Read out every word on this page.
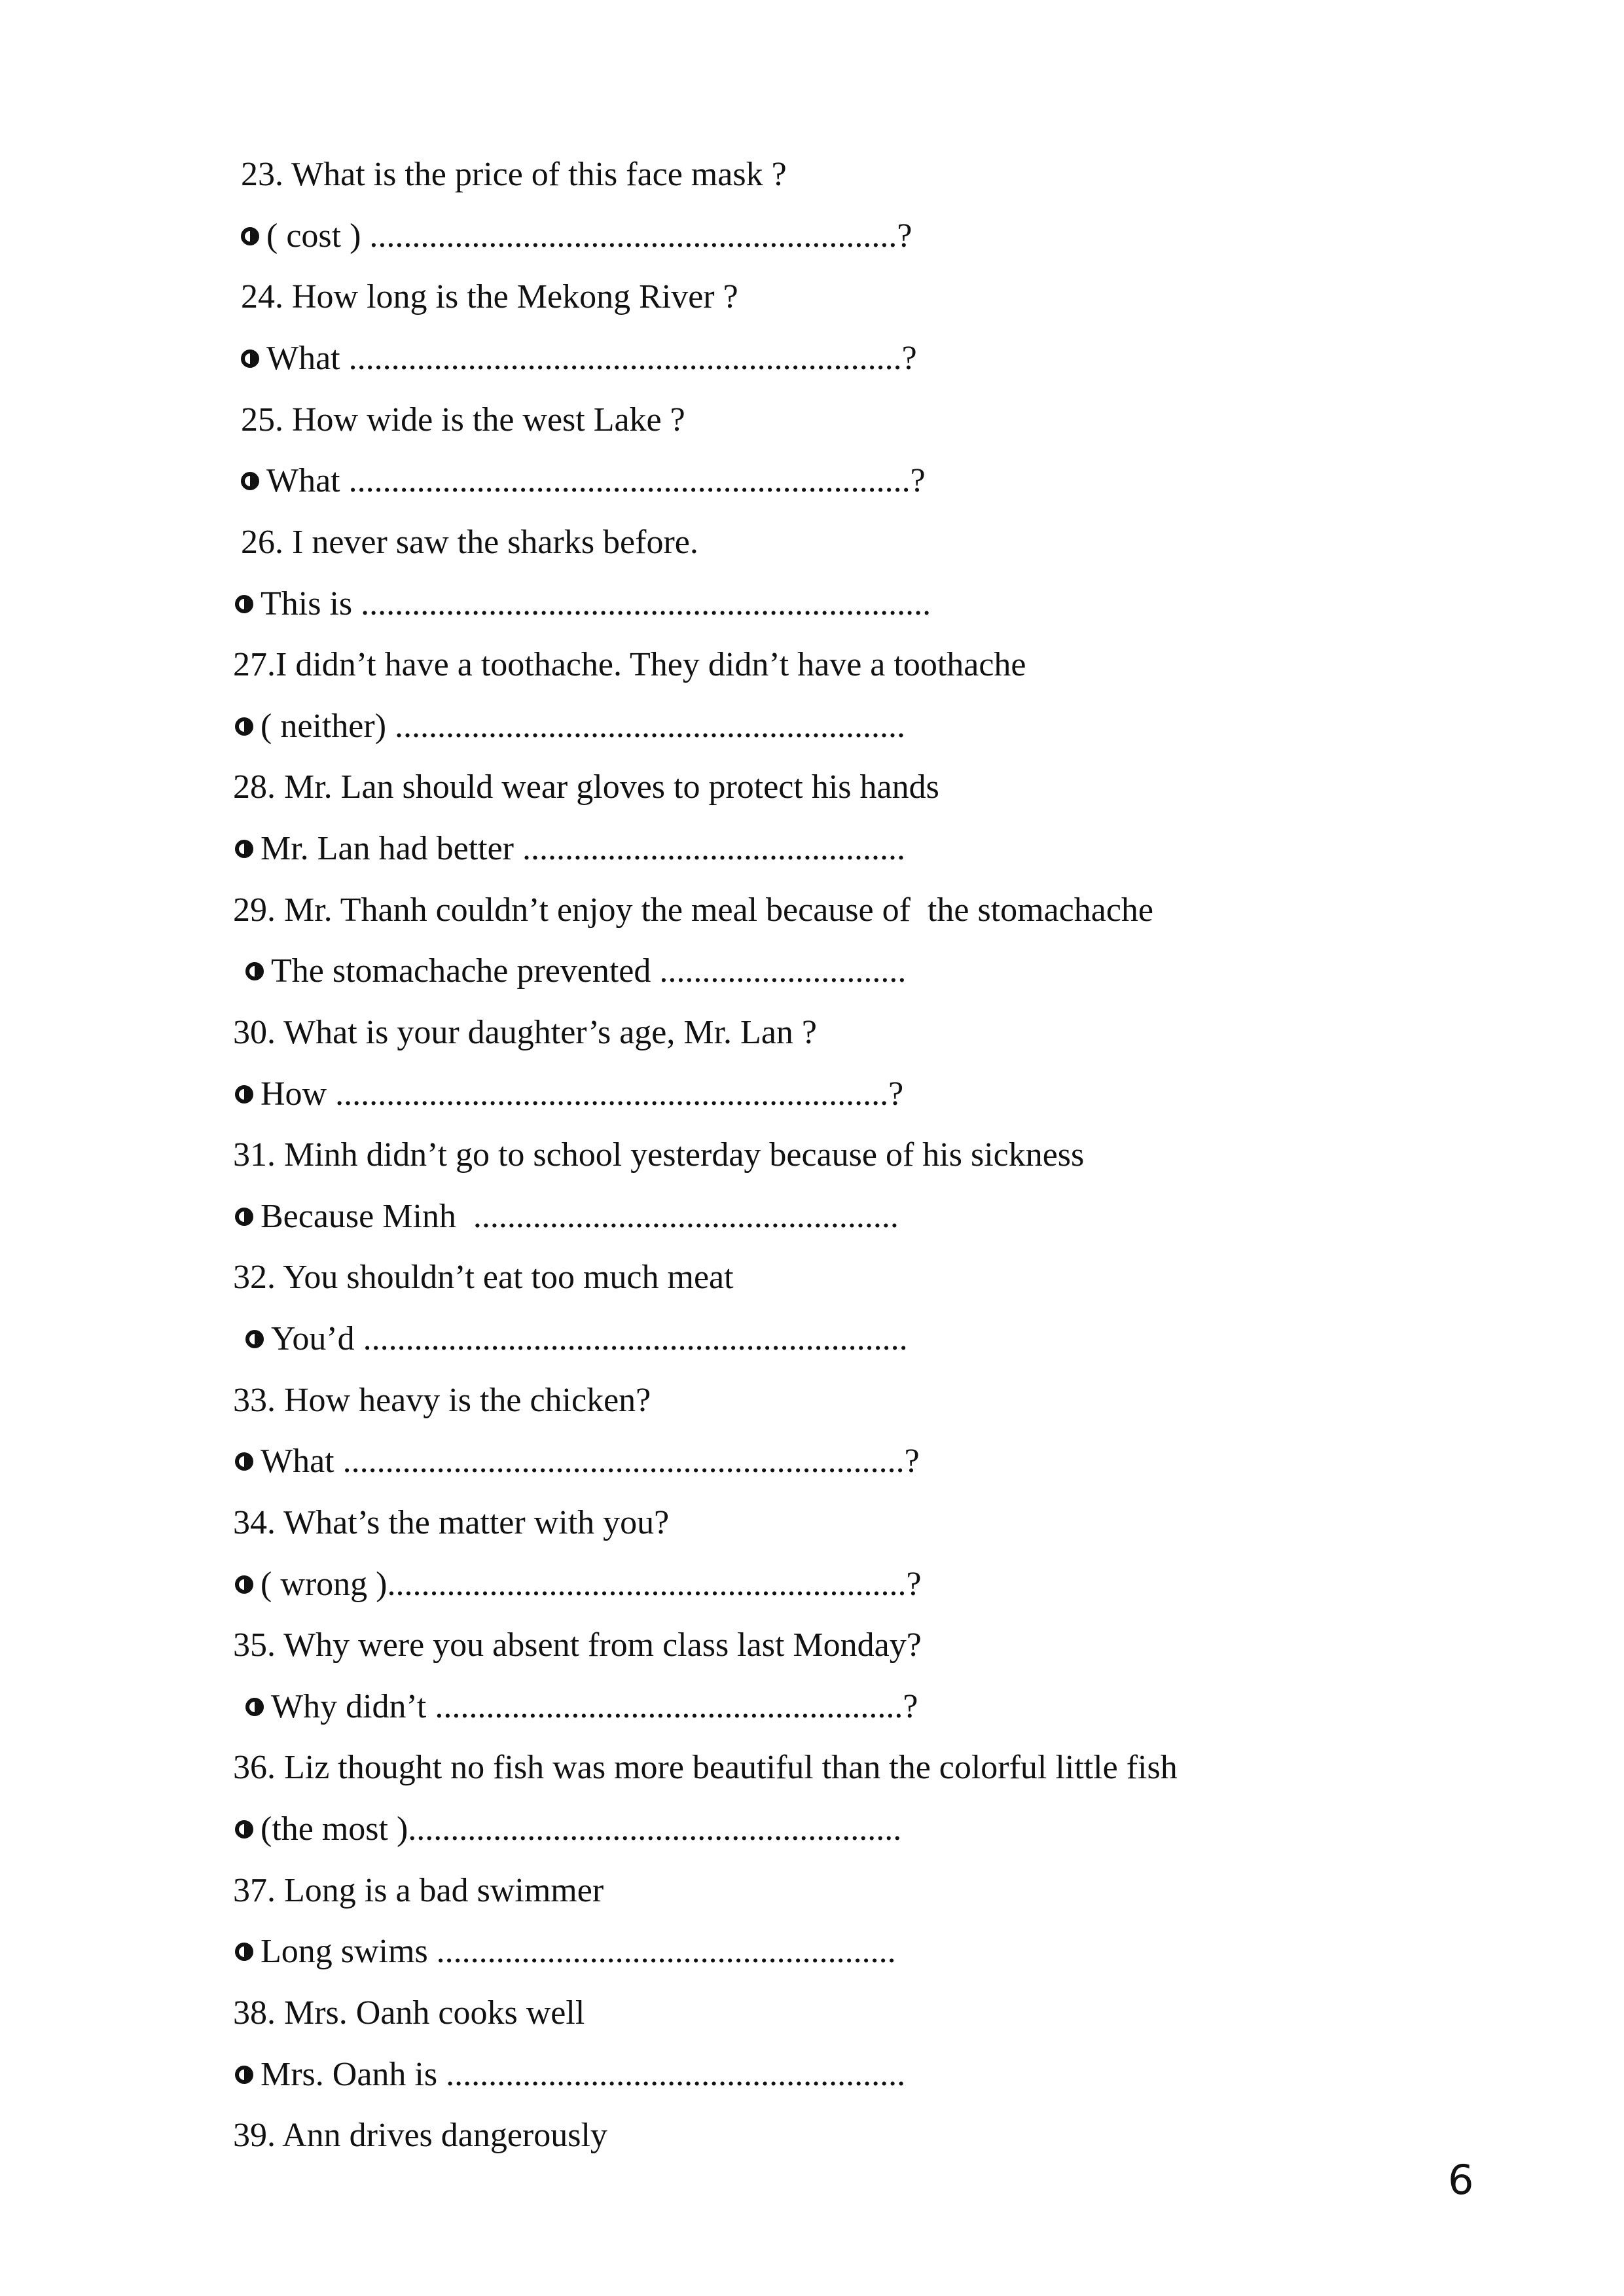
23. What is the price of this face mask ?
( cost ) ..............................................................?
24. How long is the Mekong River ?
What .................................................................?
25. How wide is the west Lake ?
What ..................................................................?
26. I never saw the sharks before.
This is ...................................................................
27.I didn’t have a toothache. They didn’t have a toothache
( neither) ............................................................
28. Mr. Lan should wear gloves to protect his hands
Mr. Lan had better .............................................
29. Mr. Thanh couldn’t enjoy the meal because of  the stomachache
The stomachache prevented .............................
30. What is your daughter’s age, Mr. Lan ?
How .................................................................?
31. Minh didn’t go to school yesterday because of his sickness
Because Minh  ..................................................
32. You shouldn’t eat too much meat
You’d ................................................................
33. How heavy is the chicken?
What ..................................................................?
34. What’s the matter with you?
( wrong ).............................................................?
35. Why were you absent from class last Monday?
Why didn’t .......................................................?
36. Liz thought no fish was more beautiful than the colorful little fish
(the most )..........................................................
37. Long is a bad swimmer
Long swims ......................................................
38. Mrs. Oanh cooks well
Mrs. Oanh is ......................................................
39. Ann drives dangerously
6
